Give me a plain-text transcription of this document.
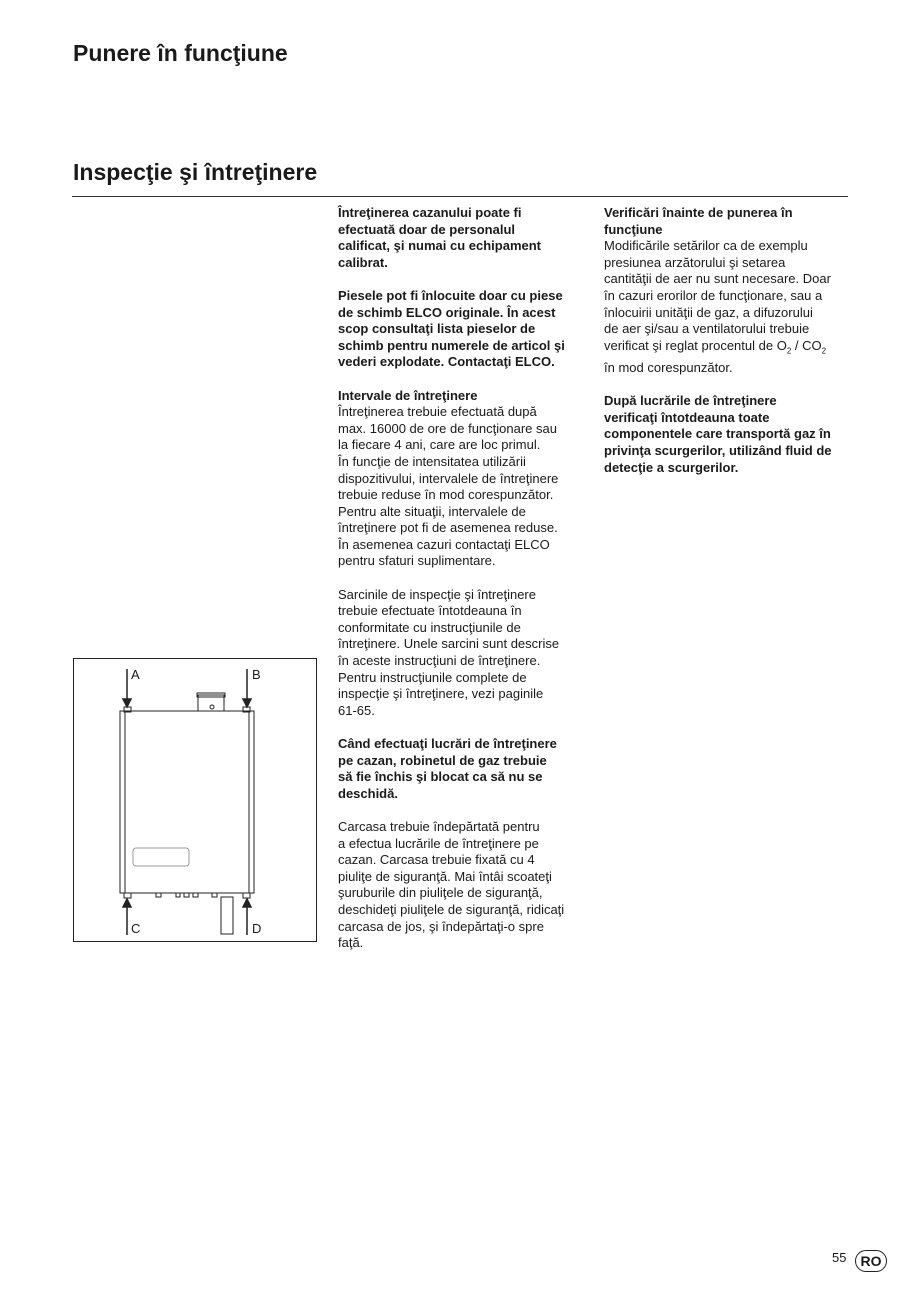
Punere în funcţiune
Inspecţie şi întreţinere
Întreţinerea cazanului poate fi
efectuată doar de personalul
calificat, şi numai cu echipament
calibrat.
Piesele pot fi înlocuite doar cu piese
de schimb ELCO originale. În acest
scop consultaţi lista pieselor de
schimb pentru numerele de articol şi
vederi explodate. Contactaţi ELCO.
Intervale de întreţinere
Întreţinerea trebuie efectuată după
max. 16000 de ore de funcţionare sau
la fiecare 4 ani, care are loc primul.
În funcţie de intensitatea utilizării
dispozitivului, intervalele de întreţinere
trebuie reduse în mod corespunzător.
Pentru alte situaţii, intervalele de
întreţinere pot fi de asemenea reduse.
În asemenea cazuri contactaţi ELCO
pentru sfaturi suplimentare.
Sarcinile de inspecţie şi întreţinere
trebuie efectuate întotdeauna în
conformitate cu instrucţiunile de
întreţinere. Unele sarcini sunt descrise
în aceste instrucţiuni de întreţinere.
Pentru instrucţiunile complete de
inspecţie şi întreţinere, vezi paginile
61-65.
Când efectuaţi lucrări de întreţinere
pe cazan, robinetul de gaz trebuie
să fie închis şi blocat ca să nu se
deschidă.
Carcasa trebuie îndepărtată pentru
a efectua lucrările de întreţinere pe
cazan. Carcasa trebuie fixată cu 4
piuliţe de siguranţă. Mai întâi scoateţi
şuruburile din piuliţele de siguranţă,
deschideţi piuliţele de siguranţă, ridicaţi
carcasa de jos, şi îndepărtaţi-o spre
faţă.
Verificări înainte de punerea în
funcţiune
Modificările setărilor ca de exemplu
presiunea arzătorului şi setarea
cantităţii de aer nu sunt necesare. Doar
în cazuri erorilor de funcţionare, sau a
înlocuirii unităţii de gaz, a difuzorului
de aer şi/sau a ventilatorului trebuie
verificat şi reglat procentul de $O_2 / CO_2$
în mod corespunzător.
După lucrările de întreţinere
verificaţi întotdeauna toate
componentele care transportă gaz în
privinţa scurgerilor, utilizând fluid de
detecţie a scurgerilor.
A	B
C	D
55	RO
